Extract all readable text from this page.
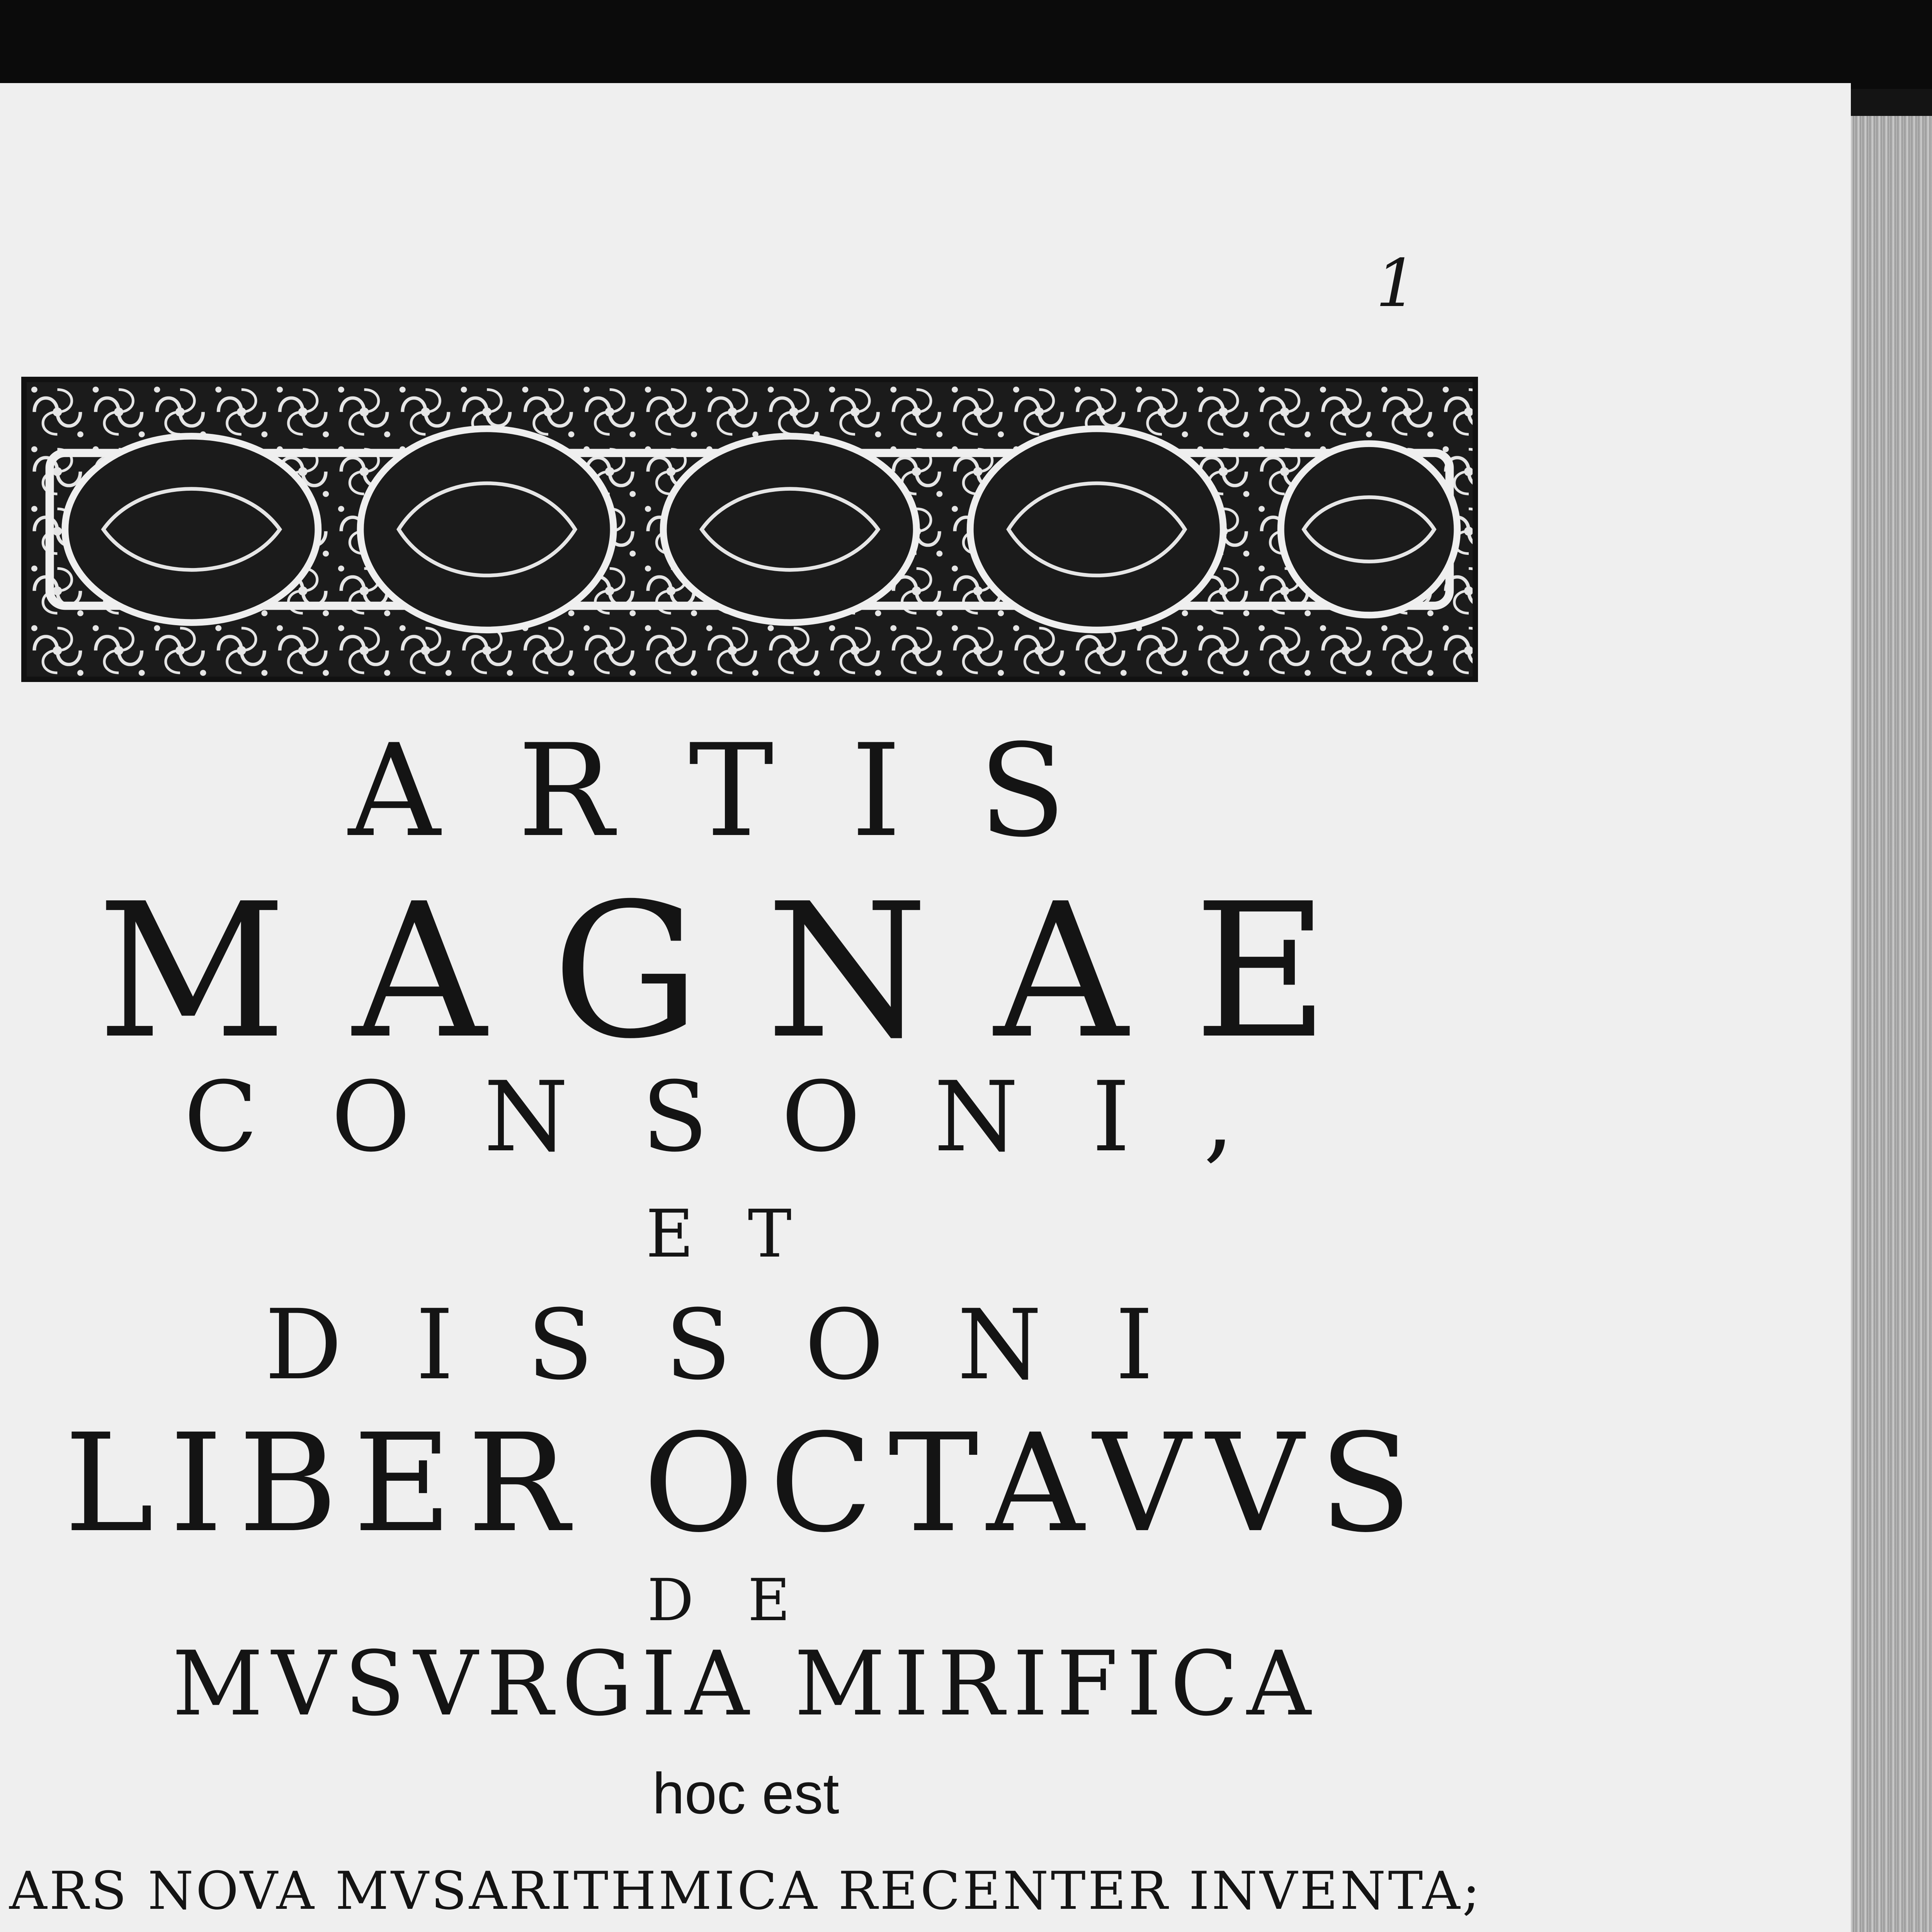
1
ARTIS
MAGNAE
CONSONI,
ET
DISSONI
LIBER OCTAVVS
DE
MVSVRGIA MIRIFICA
hoc est
ARS NOVA MVSARITHMICA RECENTER INVENTA;
